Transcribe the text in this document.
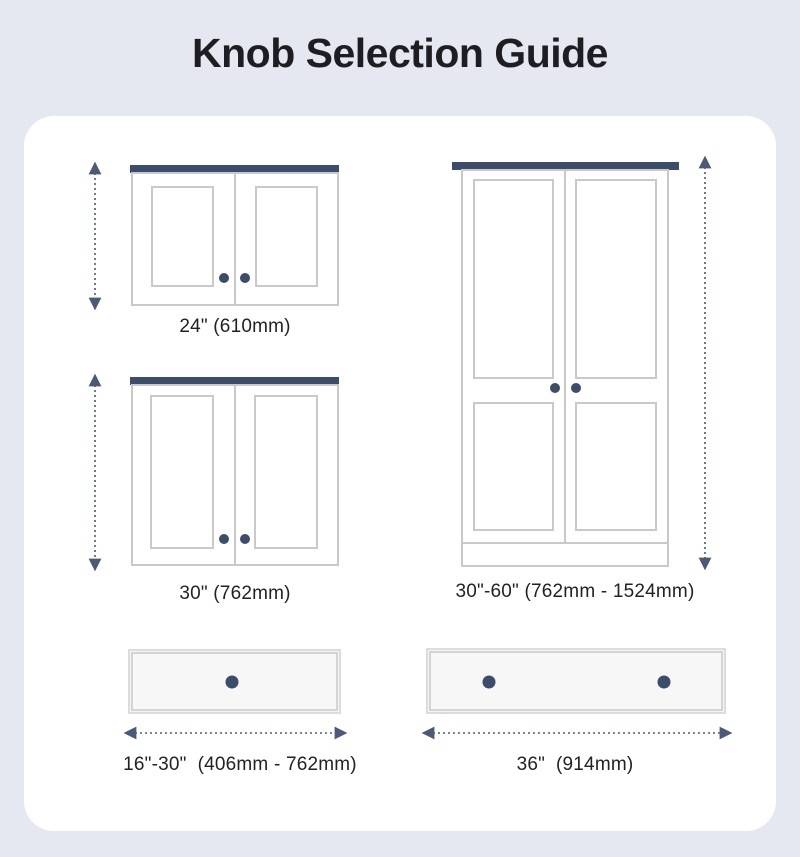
Knob Selection Guide
24" (610mm)
30" (762mm)	30"-60" (762mm - 1524mm)
16"-30"  (406mm - 762mm)	36"  (914mm)
